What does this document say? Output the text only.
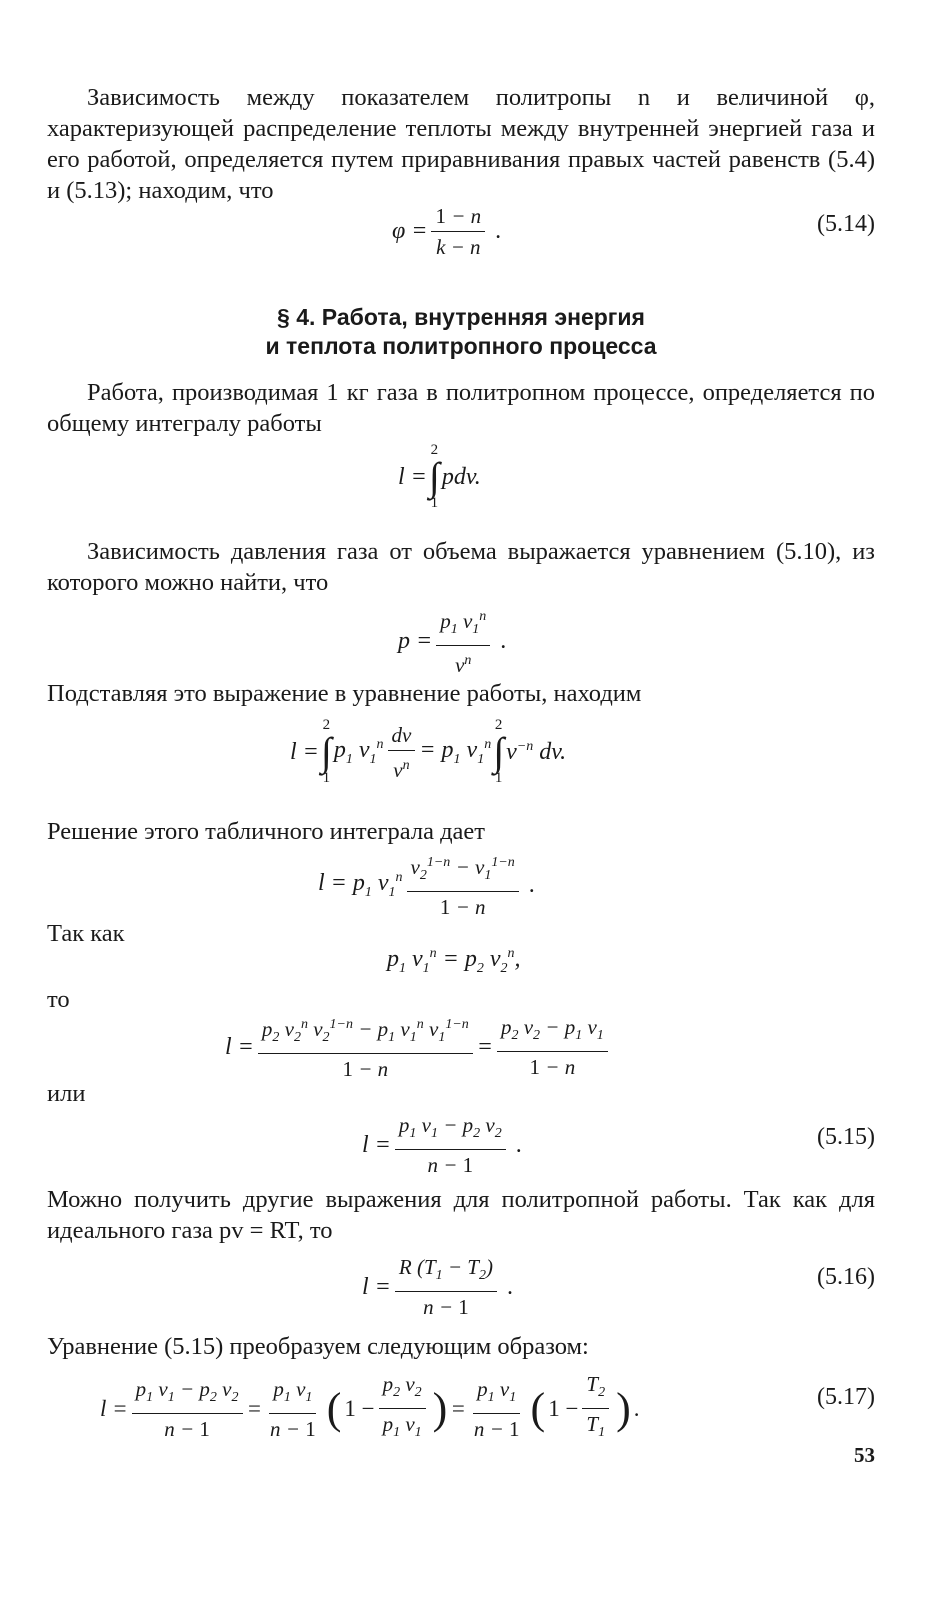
Зависимость между показателем политропы n и величиной φ, характеризующей распределение теплоты между внутренней энергией газа и его работой, определяется путем приравнивания правых частей равенств (5.4) и (5.13); находим, что
$\varphi = \frac{1 - n}{k - n}$ .	(5.14)
§ 4. Работа, внутренняя энергия
и теплота политропного процесса
Работа, производимая 1 кг газа в политропном процессе, определяется по общему интегралу работы
l =
2
∫
1
pdv.
Зависимость давления газа от объема выражается уравнением (5.10), из которого можно найти, что
$p = \frac{p_1 v_1^n}{v^n}$ .
Подставляя это выражение в уравнение работы, находим
l =
2
∫
1
$p_1$ $v_1^n \frac{dv}{v^n} = p_1$ $v_1^n$
2
∫
1
$v^{-n}$ dv.
Решение этого табличного интеграла дает
$l = p_1$ $v_1^n \frac{v_2^{1-n} - v_1^{1-n}}{1 - n}$ .
Так как
$p_1$ $v_1^n = p_2$ $v_2^n$,
то
$l = \frac{p_2 v_2^n v_2^{1-n} - p_1 v_1^n v_1^{1-n}}{1 - n} = \frac{p_2 v_2 - p_1 v_1}{1 - n}$
или
$l = \frac{p_1 v_1 - p_2 v_2}{n - 1}$ .	(5.15)
Можно получить другие выражения для политропной работы. Так как для идеального газа pv = RT, то
$l = \frac{R (T_1 - T_2)}{n - 1}$ .	(5.16)
Уравнение (5.15) преобразуем следующим образом:
$l = \frac{p_1 v_1 - p_2 v_2}{n - 1} = \frac{p_1 v_1}{n - 1}$ ( $1 - \frac{p_2 v_2}{p_1 v_1}$ ) = $\frac{p_1 v_1}{n - 1}$ ( $1 - \frac{T_2}{T_1}$ ) .	(5.17)
53
